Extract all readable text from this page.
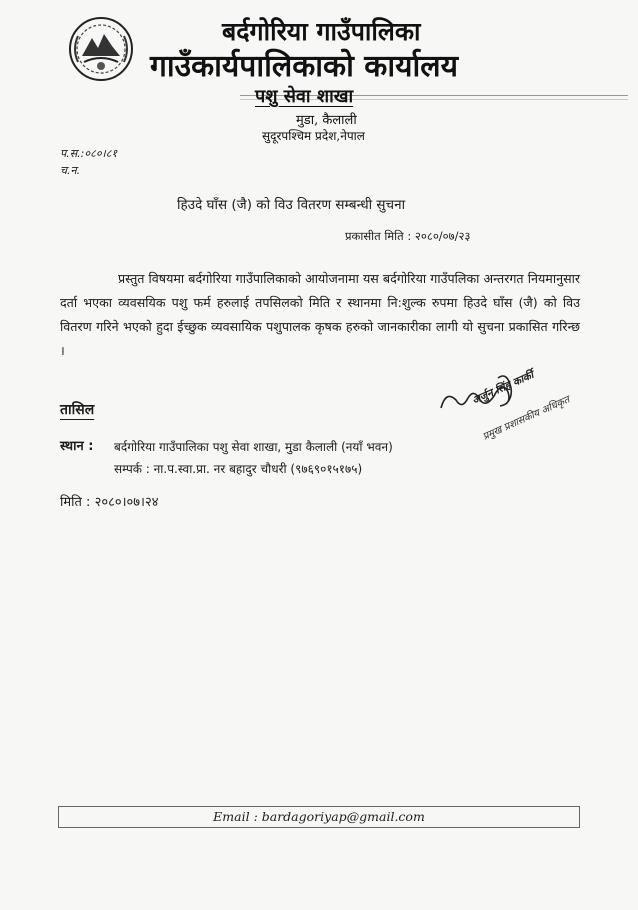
बर्दगोरिया गाउँपालिका
गाउँकार्यपालिकाको कार्यालय
पशु सेवा शाखा
मुडा, कैलाली
सुदूरपश्चिम प्रदेश,नेपाल
प.स.:०८०।८१
च.न.
हिउदे घाँस (जै) को विउ वितरण सम्बन्धी सुचना
प्रकासीत मिति : २०८०/०७/२३
प्रस्तुत विषयमा बर्दगोरिया गाउँपालिकाको आयोजनामा यस बर्दगोरिया गाउँपलिका अन्तरगत नियमानुसार दर्ता भएका व्यवसयिक पशु फर्म हरुलाई तपसिलको मिति र स्थानमा नि:शुल्क रुपमा हिउदे घाँस (जै) को विउ वितरण गरिने भएको हुदा ईच्छुक व्यवसायिक पशुपालक कृषक हरुको जानकारीका लागी यो सुचना प्रकासित गरिन्छ ।
तासिल
अर्जुन सिंह कार्की
प्रमुख प्रशासकीय अधिकृत
स्थान : बर्दगोरिया गाउँपालिका पशु सेवा शाखा, मुडा कैलाली (नयाँ भवन)
सम्पर्क : ना.प.स्वा.प्रा. नर बहादुर चौधरी (९७६९०१५१७५)
मिति : २०८०।०७।२४
Email : bardagoriyap@gmail.com
